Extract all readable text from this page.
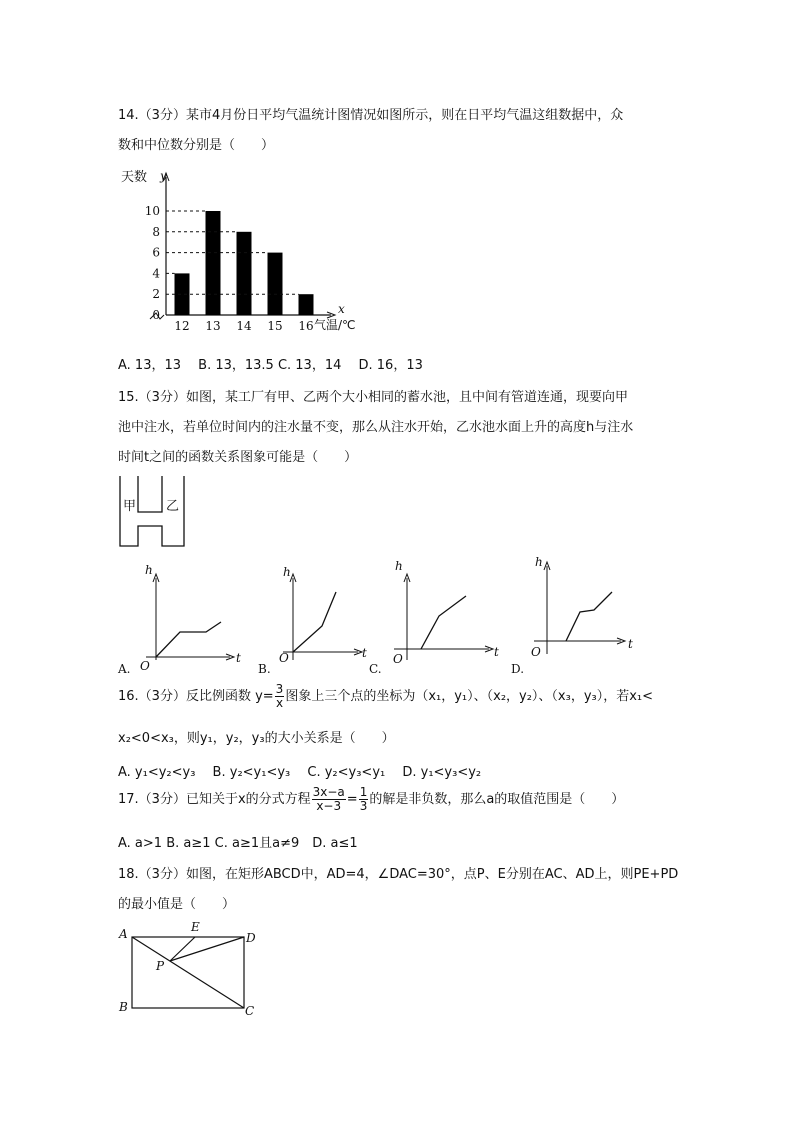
14.（3分）某市4月份日平均气温统计图情况如图所示，则在日平均气温这组数据中，众
数和中位数分别是（　　）
天数 y
x
气温/℃
0
2
4
6
8
10
12 13 14 15 16
A. 13，13　 B. 13，13.5 C. 13，14　 D. 16，13
15.（3分）如图，某工厂有甲、乙两个大小相同的蓄水池，且中间有管道连通，现要向甲
池中注水，若单位时间内的注水量不变，那么从注水开始，乙水池水面上升的高度h与注水
时间t之间的函数关系图象可能是（　　）
甲 乙
A.
h
t
O	B.
h
t
O
C.
h
O	t
D.
h
O
t
16.（3分）反比例函数 $y= \frac{3}{x}$ 图象上三个点的坐标为（x₁，y₁）、（x₂，y₂）、（x₃，y₃），若x₁<
x₂<0<x₃，则y₁，y₂，y₃的大小关系是（　　）
A. y₁<y₂<y₃　 B. y₂<y₁<y₃　 C. y₂<y₃<y₁　 D. y₁<y₃<y₂
17.（3分）已知关于x的分式方程 $\frac{3x-a}{x-3} = \frac{1}{3}$ 的解是非负数，那么a的取值范围是（　　）
A. a>1 B. a≥1 C. a≥1且a≠9　D. a≤1
18.（3分）如图，在矩形ABCD中，AD=4，∠DAC=30°，点P、E分别在AC、AD上，则PE+PD
的最小值是（　　）
A
B	C
D
E
P
